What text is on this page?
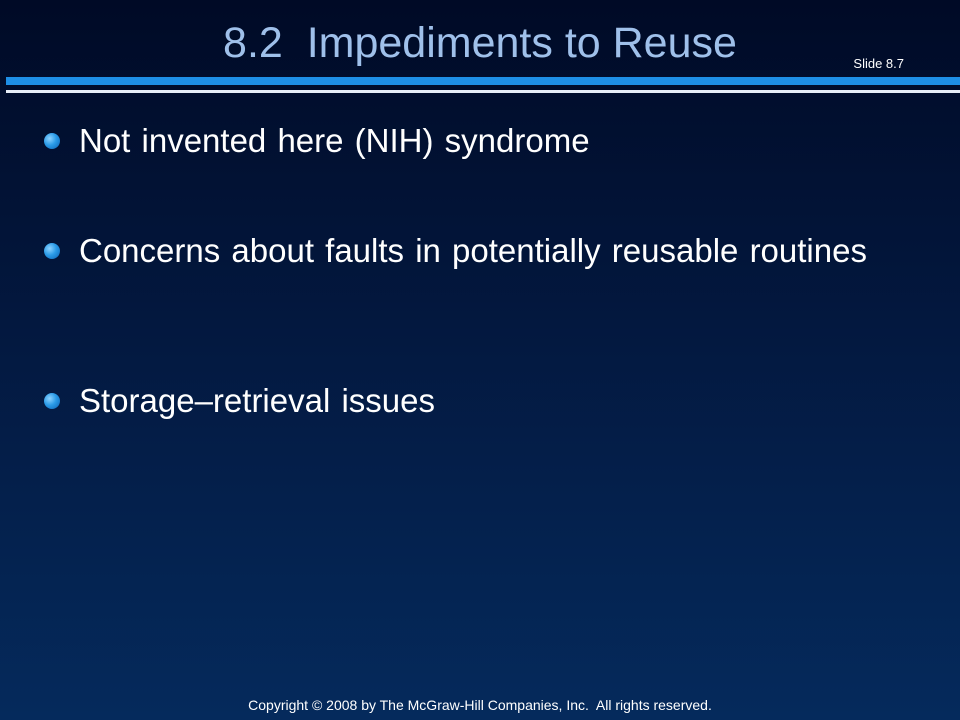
8.2  Impediments to Reuse	Slide 8.7
Not invented here (NIH) syndrome
Concerns about faults in potentially reusable routines
Storage–retrieval issues
Copyright © 2008 by The McGraw-Hill Companies, Inc.  All rights reserved.
